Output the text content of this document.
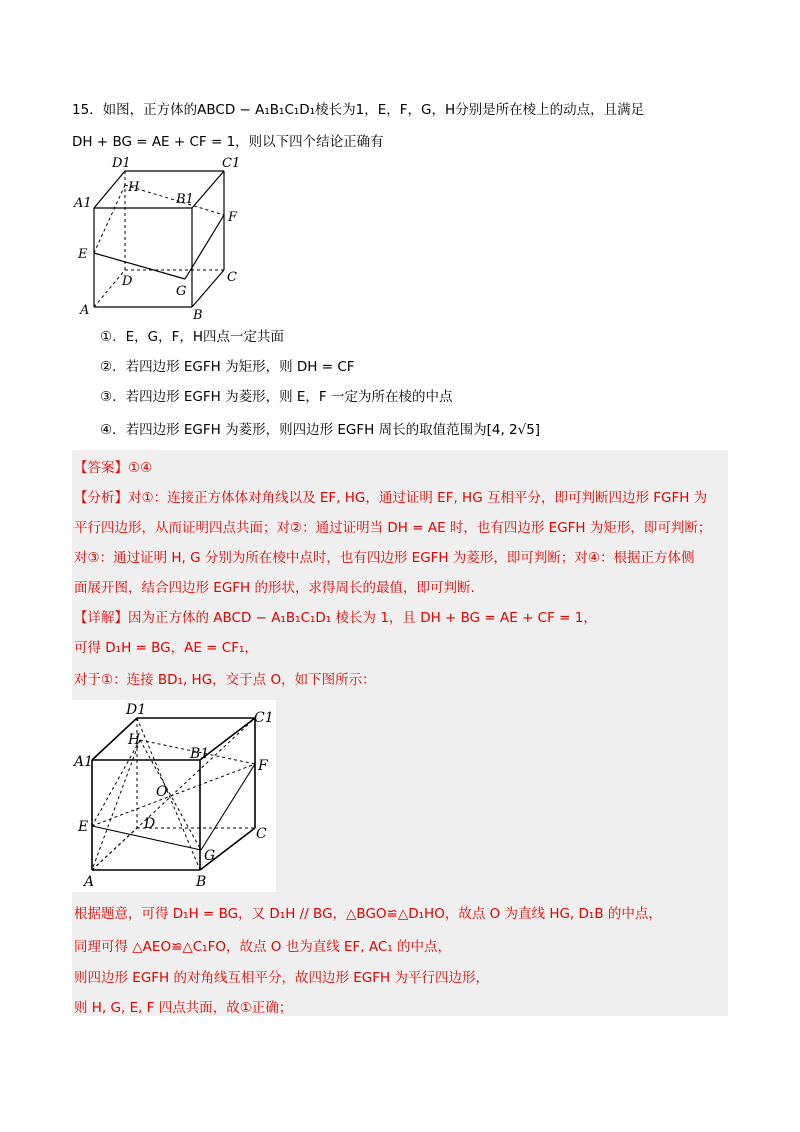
15．如图，正方体的ABCD − A₁B₁C₁D₁棱长为1，E，F，G，H分别是所在棱上的动点，且满足
DH + BG = AE + CF = 1，则以下四个结论正确有
D1	C1
H
A1	B1
F
E
D	C
G
A	B
①．E，G，F，H四点一定共面
②．若四边形 EGFH 为矩形，则 DH = CF
③．若四边形 EGFH 为菱形，则 E，F 一定为所在棱的中点
④．若四边形 EGFH 为菱形，则四边形 EGFH 周长的取值范围为[4, 2√5]
【答案】①④
【分析】对①：连接正方体体对角线以及 EF, HG，通过证明 EF, HG 互相平分，即可判断四边形 FGFH 为
平行四边形，从而证明四点共面；对②：通过证明当 DH = AE 时，也有四边形 EGFH 为矩形，即可判断；
对③：通过证明 H, G 分别为所在棱中点时，也有四边形 EGFH 为菱形，即可判断；对④：根据正方体侧
面展开图，结合四边形 EGFH 的形状，求得周长的最值，即可判断.
【详解】因为正方体的 ABCD − A₁B₁C₁D₁ 棱长为 1，且 DH + BG = AE + CF = 1，
可得 D₁H = BG，AE = CF₁，
对于①：连接 BD₁, HG，交于点 O，如下图所示：
D1	C1
H
B1
A1	F
O
E	D
C
G
A	B
根据题意，可得 D₁H = BG，又 D₁H // BG，△BGO≌△D₁HO，故点 O 为直线 HG, D₁B 的中点，
同理可得 △AEO≌△C₁FO，故点 O 也为直线 EF, AC₁ 的中点，
则四边形 EGFH 的对角线互相平分，故四边形 EGFH 为平行四边形，
则 H, G, E, F 四点共面，故①正确；
